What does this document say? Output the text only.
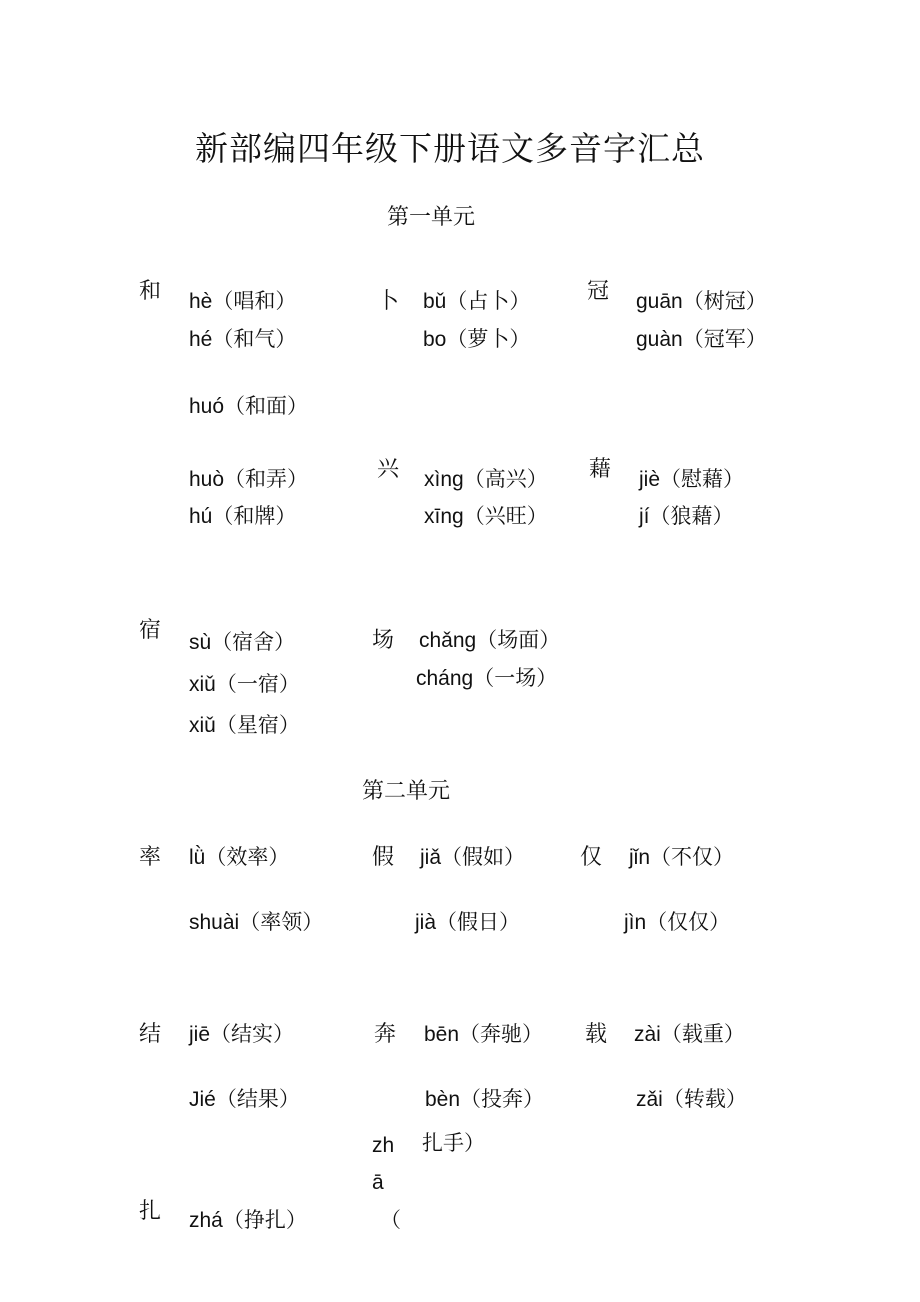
新部编四年级下册语文多音字汇总
第一单元
和 hè（唱和）
hé（和气）
huó（和面）
huò（和弄）
hú（和牌）
卜 bǔ（占卜）
bo（萝卜）
冠 guān（树冠）
guàn（冠军）
兴 xìng（高兴）
xīng（兴旺）
藉 jiè（慰藉）
jí（狼藉）
宿 sù（宿舍）
xiǔ（一宿）
xiǔ（星宿）
场 chǎng（场面）
cháng（一场）
第二单元
率 lǜ（效率）
shuài（率领）
假 jiǎ（假如）
jià（假日）
仅 jǐn（不仅）
jìn（仅仅）
结 jiē（结实）
Jié（结果）
奔 bēn（奔驰）
bèn（投奔）
载 zài（载重）
zǎi（转载）
扎 zhá（挣扎）
zh
ā
（
扎手）
